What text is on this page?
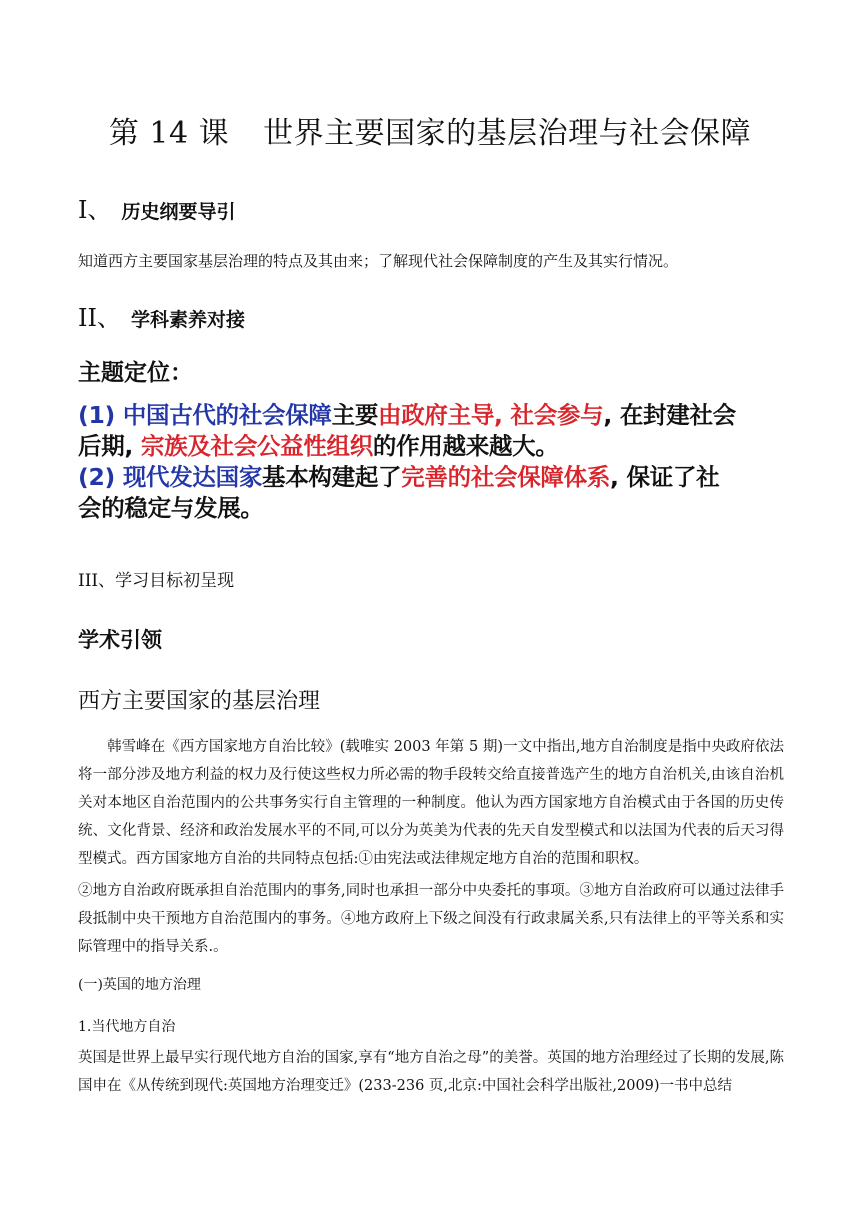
第 14 课 世界主要国家的基层治理与社会保障
Ⅰ、 历史纲要导引

知道西方主要国家基层治理的特点及其由来；了解现代社会保障制度的产生及其实行情况。

ⅠⅠ、 学科素养对接
主题定位：
(1) 中国古代的社会保障主要由政府主导, 社会参与, 在封建社会
后期, 宗族及社会公益性组织的作用越来越大。
(2) 现代发达国家基本构建起了完善的社会保障体系, 保证了社
会的稳定与发展。

III、学习目标初呈现

学术引领
西方主要国家的基层治理

　　韩雪峰在《西方国家地方自治比较》(载唯实 2003 年第 5 期)一文中指出,地方自治制度是指中央政府依法将一部分涉及地方利益的权力及行使这些权力所必需的物手段转交给直接普选产生的地方自治机关,由该自治机关对本地区自治范围内的公共事务实行自主管理的一种制度。他认为西方国家地方自治模式由于各国的历史传统、文化背景、经济和政治发展水平的不同,可以分为英美为代表的先天自发型模式和以法国为代表的后天习得型模式。西方国家地方自治的共同特点包括:①由宪法或法律规定地方自治的范围和职权。

②地方自治政府既承担自治范围内的事务,同时也承担一部分中央委托的事项。③地方自治政府可以通过法律手段抵制中央干预地方自治范围内的事务。④地方政府上下级之间没有行政隶属关系,只有法律上的平等关系和实际管理中的指导关系.。

(一)英国的地方治理

1.当代地方自治

英国是世界上最早实行现代地方自治的国家,享有“地方自治之母”的美誉。英国的地方治理经过了长期的发展,陈国申在《从传统到现代:英国地方治理变迁》(233-236 页,北京:中国社会科学出版社,2009)一书中总结
